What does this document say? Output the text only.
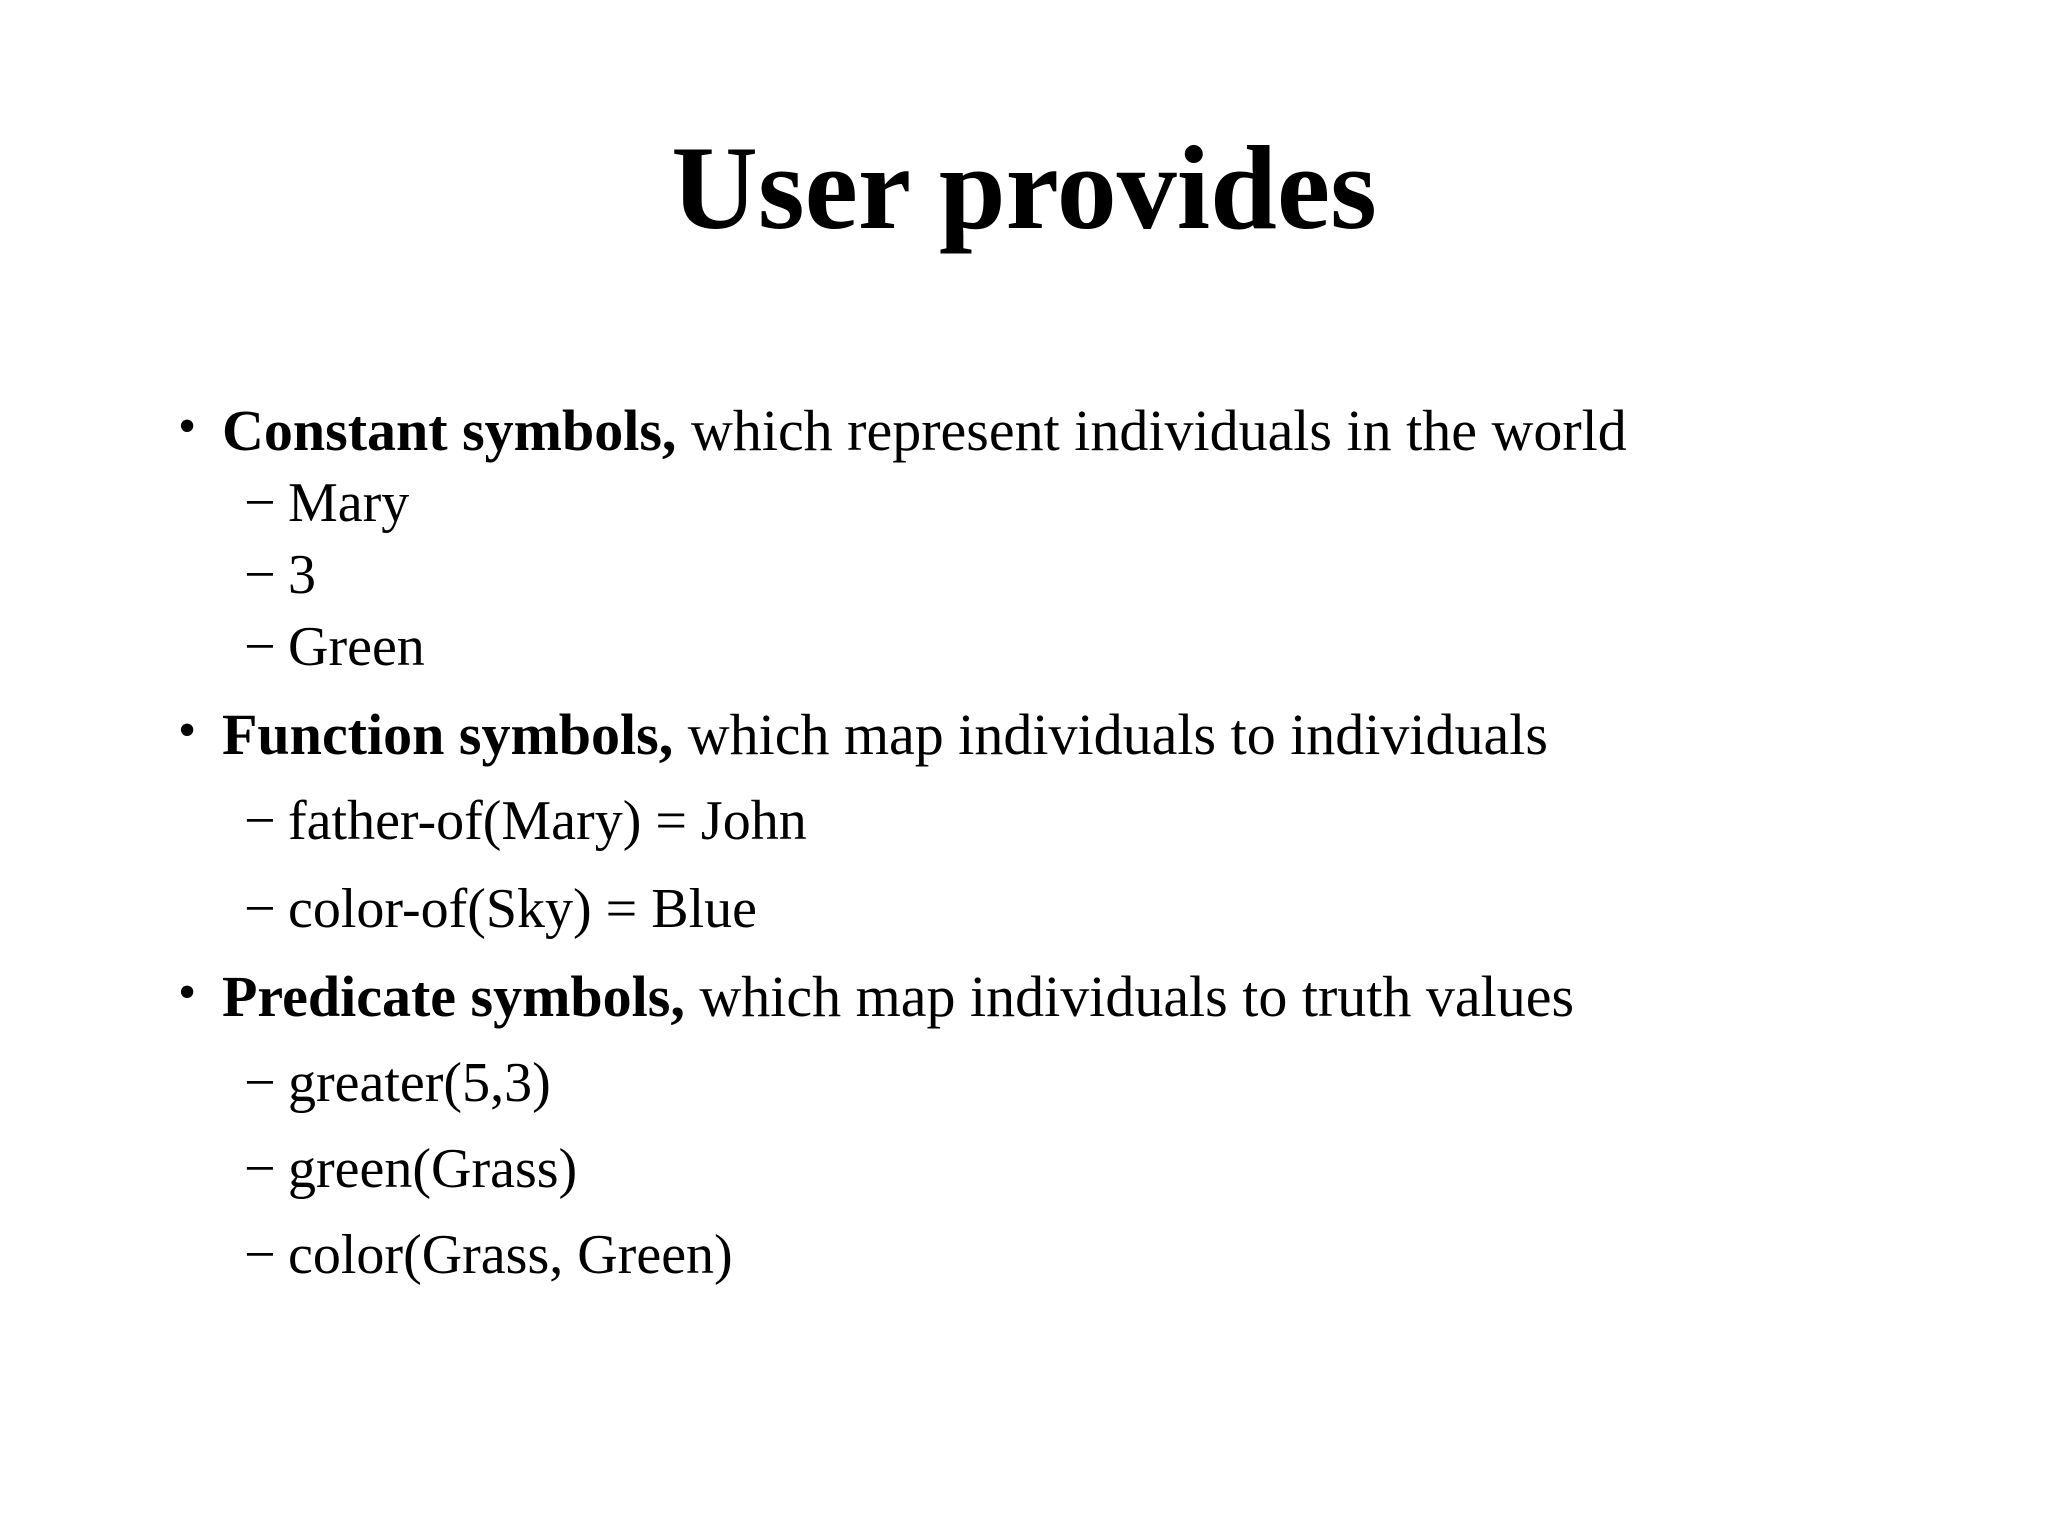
User provides
• Constant symbols, which represent individuals in the world
− Mary
− 3
− Green
• Function symbols, which map individuals to individuals
− father-of(Mary) = John
− color-of(Sky) = Blue
• Predicate symbols, which map individuals to truth values
− greater(5,3)
− green(Grass)
− color(Grass, Green)
